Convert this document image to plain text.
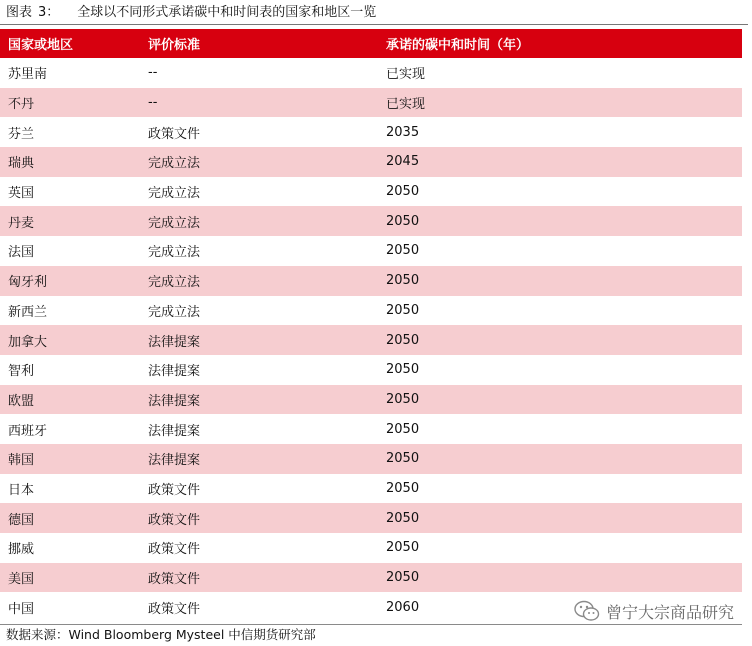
图表 3： 全球以不同形式承诺碳中和时间表的国家和地区一览
国家或地区	评价标准	承诺的碳中和时间（年）
苏里南	--	已实现
不丹	--	已实现
芬兰	政策文件	2035
瑞典	完成立法	2045
英国	完成立法	2050
丹麦	完成立法	2050
法国	完成立法	2050
匈牙利	完成立法	2050
新西兰	完成立法	2050
加拿大	法律提案	2050
智利	法律提案	2050
欧盟	法律提案	2050
西班牙	法律提案	2050
韩国	法律提案	2050
日本	政策文件	2050
德国	政策文件	2050
挪威	政策文件	2050
美国	政策文件	2050
中国	政策文件	2060
数据来源：Wind Bloomberg Mysteel 中信期货研究部
曾宁大宗商品研究
